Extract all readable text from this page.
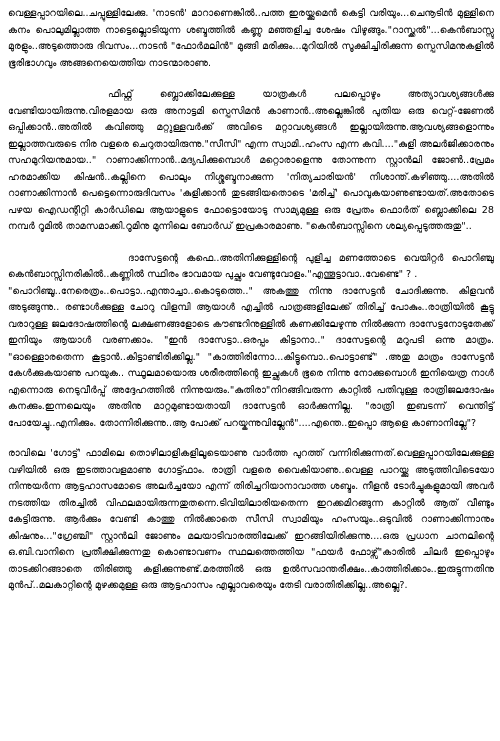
വെള്ളപ്പാറയിലെ..ചപ്പുള്ളിലേക്കു. 'നാടൻ' മാറാണെങ്കിൽ..പത്ത ഇരയ്ക്കുമെൻ കെട്ടി വരിയും...ചെനൂടിൻ മുള്ളിനെ കനം പൊലുമില്ലാത്ത നാട്ടെല്ലൊടിയുന്ന ശബ്ദത്തിൽ കണ്ണു മഞ്ഞളിച്ച ശേഷം വിഴുങ്ങും."റാസ്ക്കൽ"...കെൻബാസ്സു മുരളും..അടുത്തൊരു ദിവസം...നാടൻ "ഫോർമലിൻ" മുങ്ങി മരിക്കും...മുറിയിൽ സൂക്ഷിച്ചിരിക്കുന്ന സ്പെസിമനുകളിൽ ഭൂരിഭാഗവും അങ്ങനെയെത്തിയ നാടന്മാരാണു.

ഫിഫ്റ്റ് ബ്ലൊക്കിലേക്കുള്ള യാത്രകൾ പലപ്പൊഴും അത്യാവശ്യങ്ങൾക്കു വേണ്ടിയായിരുന്നു.വിരളമായ ഒരു അനാട്ടമി സ്പെസിമൻ കാണാൻ..അല്ലെങ്കിൽ പുതിയ ഒരു വെറ്റ്-ജേണൽ ഒപ്പിക്കാൻ..അതിൽ കവിഞ്ഞു മറ്റുള്ളവർക്ക് അവിടെ മറ്റാവശ്യങ്ങൾ ഇല്ലായിരുന്നു.ആവശ്യങ്ങളൊന്നും ഇല്ലാത്തവരുടെ നിര വളരെ ചെറുതായിരുന്നു."സീസി" എന്ന സ്വാമി..ഹംസ എന്ന കവി...."കുളി അലർജിക്കാരനും സഹമുറിയനുമായ.." റാണാക്കിന്നാൻ..മദ്യപിക്കുമ്പൊൾ മറ്റൊരാളെന്നു തോന്നുന്ന സ്റ്റാൻലി ജോൺ..പ്രേമം ഹരമാക്കിയ കിഷൻ..കല്ലിനെ പൊലും നിശ്ശബ്ദനാക്കുന്ന 'നിത്യചാരിയൻ' നിശാന്ത്.കഴിഞ്ഞു....അതിൽ റാണാക്കിന്നാൻ പെട്ടെന്നൊരുദിവസം 'കുളിക്കാൻ തുടങ്ങിയതൊടെ 'മരിച്ച്' പൊവുകയാണുണ്ടായത്.അതോടെ പഴയ ഐഡന്റിറ്റി കാർഡിലെ ആയാളുടെ ഫോട്ടൊയോടു സാമ്യമുള്ള ഒരു പ്രേതം ഫൊർത് ബ്ലൊക്കിലെ 28 നമ്പർ റൂമിൽ താമസമാക്കി.റൂമിനു മുന്നിലെ ബോർഡ് ഇപ്രകാരമാണു. "കെൻബാസ്സിനെ ശല്യപ്പെടുത്തരുതു"..

ദാസേട്ടന്റെ കഫെ..അതിനിക്കുള്ളിന്റെ പുളിച്ച മണത്തോടെ വെയിറ്റർ പൊറിഞ്ചു കെൻബാസ്സിനരികിൽ..കണ്ണിൽ സ്ഥിരം ഭാവമായ പുച്ഛം വേണ്ടുവോളം."എന്തൂട്ടാവാ..വേണ്ടെ" ? .

"പൊറിഞ്ചൂ..നേരെത്രം..പൊട്ടാ..എന്താച്ചാ..കൊടുത്തെ.." അകത്തു നിന്നു ദാസേട്ടൻ ചോദിക്കുന്നു. കിളവൻ അടുങ്ങുന്നു.. രണ്ടാൾക്കുള്ള ചോറു വിളമ്പി ആയാൾ എച്ചിൽ പാത്രങ്ങളിലേക്ക് തിരിച്ച് പോകും..രാത്രിയിൽ കൂട്ടു വരാറുള്ള ജലദോഷത്തിന്റെ ലക്ഷണങ്ങളോടെ കൗണ്ടറിനുള്ളിൽ കണക്കിലേഴുന്നു നിൽക്കുന്ന ദാസേട്ടനോടുതേക്ക് ഇനിയും ആയാൾ വരണക്കാം. "ഇൻ ദാസേട്ടാ..ഒരപ്പം കിട്ടാനാ.." ദാസേട്ടന്റെ മറുപടി ഒന്നു മാത്രം. "ഓള്ളൊരതെന്ന കൂട്ടാൻ..കിട്ടാണ്ടിരിക്കില്ല." "കാത്തിരിന്നോ...കിട്ടൂമ്പൊ..പൊട്ടാണ്ട്" .അതു മാത്രം ദാസേട്ടൻ കേൾക്കുകയാണു പറയുക.. സ്ഥൂലമായൊരു ശരീരത്തിന്റെ ഇച്ഛകൾ ഭൂരെ നിന്നു നോക്കുമ്പൊൾ ഇനിയെത്ര നാൾ എന്നൊരു നെടുവീർപ്പ് അദ്ദേഹത്തിൽ നിന്നുയരും."കുതിരാ"നിറങ്ങിവരുന്ന കാറ്റിൽ പതിവുള്ള രാത്രിജലദോഷം കനക്കും.ഇന്നലെയും അതിനു മാറ്റമുണ്ടായതായി ദാസേട്ടൻ ഓർക്കുന്നില്ല. "രാത്രി ഇബടന്ന് വെന്തിട്ട് പോയേച്ചു..എനിക്കും. തോന്നിരിക്കുന്നു..ആ പോക്ക് പറയ്കന്നുവില്ലേൻ"....എന്തെ..ഇപ്പൊ ആളെ കാണാനില്ലേ"?

രാവിലെ 'ഗോട്ട്' ഫാമിലെ തൊഴിലാളികളിലൂടെയാണു വാർത്ത പുറത്ത് വന്നിരിക്കുന്നത്.വെള്ളപ്പാറയിലേക്കുള്ള വഴിയിൽ ഒരു ഇടത്താവളമാണു ഗോട്ട്ഫാം. രാത്രി വളരെ വൈകിയാണു..വെള്ള പാറയ്ക്കു അടുത്തിവിടെയോ നിന്നുയർന്ന ആട്ടഹാസമോടെ അലർച്ചയോ എന്ന് തിരിച്ചറിയാനാവാത്ത ശബ്ദം. നീളൻ ടോർച്ചുകളുമായി അവർ നടത്തിയ തിരച്ചിൽ വിഫലമായിരുന്നതുതന്നെ.ടിവിയിലാരിയതെന്ന ഇറക്കമിറങ്ങുന്ന കാറ്റിൽ ആത് വീണ്ടും കേട്ടിരുന്നു. ആർക്കും വേണ്ടി കാത്തു നിൽക്കാതെ സീസി സ്വാമിയും ഹംസയും..ഒടുവിൽ റാണാക്കിന്നാനും കിഷനും..."ഗ്രേഞ്ചി" സ്റ്റാൻലി ജോണും മലയാടിവാരത്തിലേക്ക് ഇറങ്ങിയിരിക്കുന്നു....ഒരു പ്രധാന ചാനലിന്റെ ഒ.ബി.വാനിനെ പ്രതീക്ഷിക്കുന്നതു കൊണ്ടാവണം സ്ഥലത്തെത്തിയ "ഫയർ ഫോഴ്സ്"കാരിൽ ചിലർ ഇപ്പൊഴും താടക്കിറങ്ങാതെ തിരിഞ്ഞു കളിക്കുന്നുണ്ട്.മരത്തിൽ ഒരു ഉൽസവാന്തരീക്ഷം..കാത്തിരിക്കാം..ഇരുട്ടുന്നതിനു മുൻപ്..മലകാറ്റിന്റെ മുഴക്കമുള്ള ഒരു ആട്ടഹാസം എല്ലാവരെയും തേടി വരാതിരിക്കില്ല..അല്ലെ?.
